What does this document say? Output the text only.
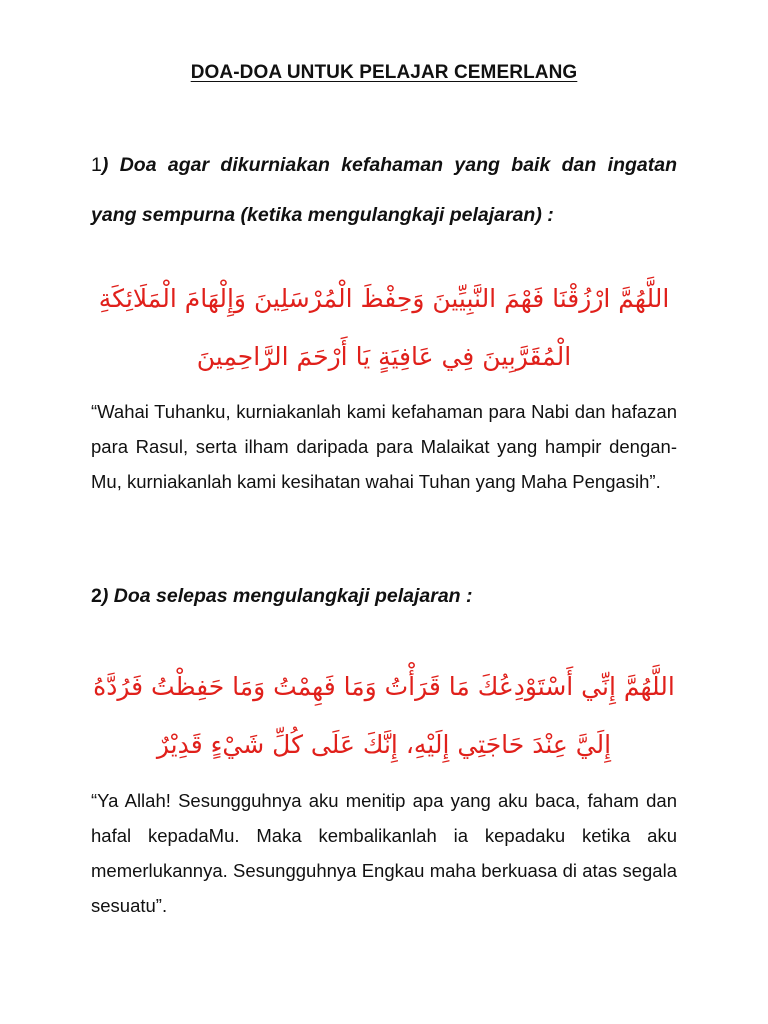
DOA-DOA UNTUK PELAJAR CEMERLANG
1) Doa agar dikurniakan kefahaman yang baik dan ingatan yang sempurna (ketika mengulangkaji pelajaran) :
اللَّهُمَّ ارْزُقْنَا فَهْمَ النَّبِيِّينَ وَحِفْظَ الْمُرْسَلِينَ وَإِلْهَامَ الْمَلَائِكَةِ
الْمُقَرَّبِينَ فِي عَافِيَةٍ يَا أَرْحَمَ الرَّاحِمِينَ
“Wahai Tuhanku, kurniakanlah kami kefahaman para Nabi dan hafazan para Rasul, serta ilham daripada para Malaikat yang hampir dengan-Mu, kurniakanlah kami kesihatan wahai Tuhan yang Maha Pengasih”.
2) Doa selepas mengulangkaji pelajaran :
اللَّهُمَّ إِنِّي أَسْتَوْدِعُكَ مَا قَرَأْتُ وَمَا فَهِمْتُ وَمَا حَفِظْتُ فَرُدَّهُ
إِلَيَّ عِنْدَ حَاجَتِي إِلَيْهِ، إِنَّكَ عَلَى كُلِّ شَيْءٍ قَدِيْرٌ
“Ya Allah! Sesungguhnya aku menitip apa yang aku baca, faham dan hafal kepadaMu. Maka kembalikanlah ia kepadaku ketika aku memerlukannya. Sesungguhnya Engkau maha berkuasa di atas segala sesuatu”.
